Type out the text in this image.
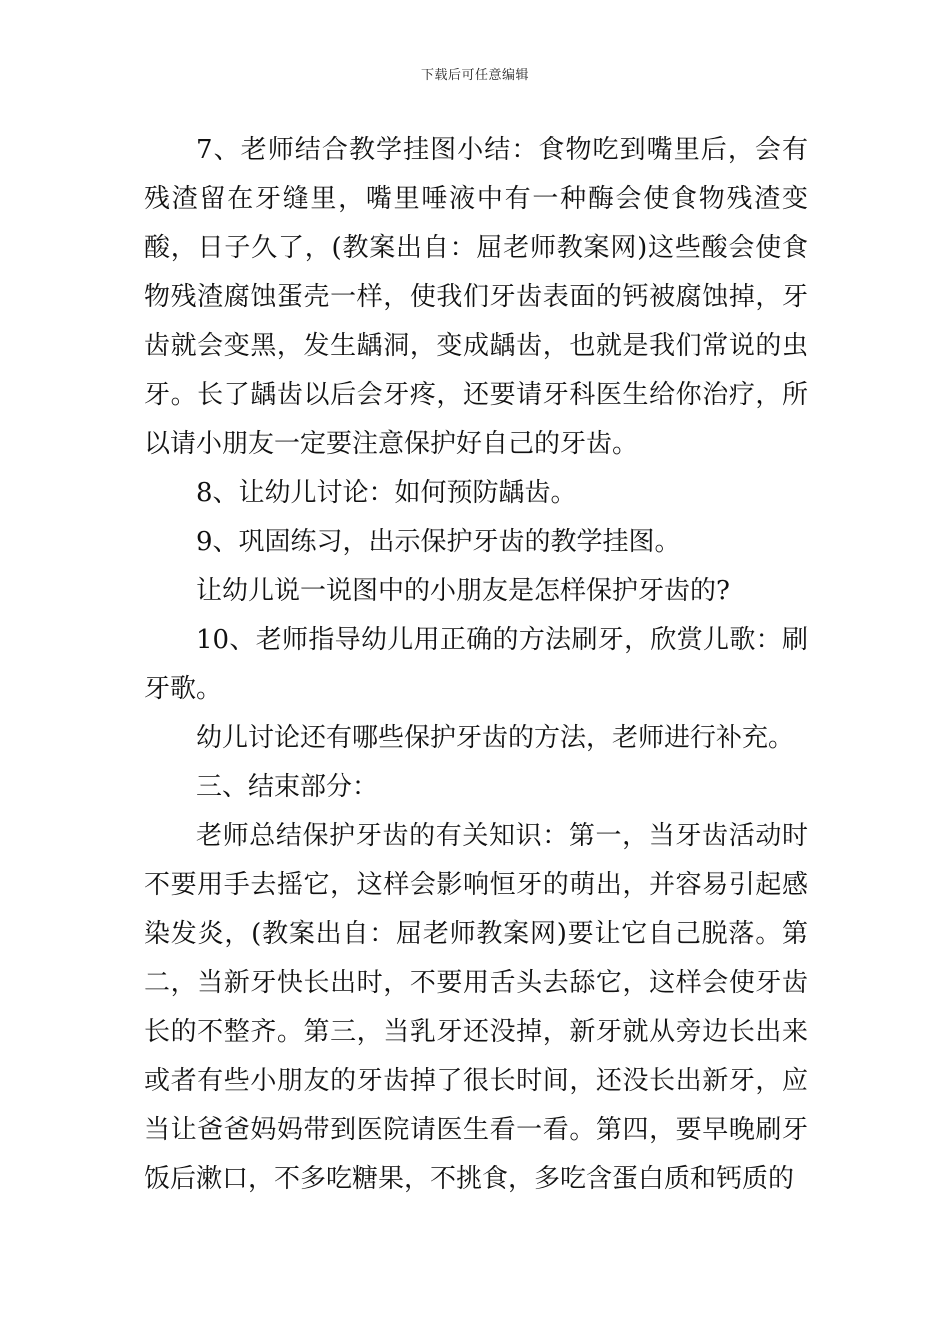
下载后可任意编辑

7、老师结合教学挂图小结：食物吃到嘴里后，会有残渣留在牙缝里，嘴里唾液中有一种酶会使食物残渣变酸，日子久了，(教案出自：屈老师教案网)这些酸会使食物残渣腐蚀蛋壳一样，使我们牙齿表面的钙被腐蚀掉，牙齿就会变黑，发生龋洞，变成龋齿，也就是我们常说的虫牙。长了龋齿以后会牙疼，还要请牙科医生给你治疗，所以请小朋友一定要注意保护好自己的牙齿。

8、让幼儿讨论：如何预防龋齿。

9、巩固练习，出示保护牙齿的教学挂图。

让幼儿说一说图中的小朋友是怎样保护牙齿的?

10、老师指导幼儿用正确的方法刷牙，欣赏儿歌：刷牙歌。

幼儿讨论还有哪些保护牙齿的方法，老师进行补充。

三、结束部分：

老师总结保护牙齿的有关知识：第一，当牙齿活动时不要用手去摇它，这样会影响恒牙的萌出，并容易引起感染发炎，(教案出自：屈老师教案网)要让它自己脱落。第二，当新牙快长出时，不要用舌头去舔它，这样会使牙齿长的不整齐。第三，当乳牙还没掉，新牙就从旁边长出来或者有些小朋友的牙齿掉了很长时间，还没长出新牙，应当让爸爸妈妈带到医院请医生看一看。第四，要早晚刷牙饭后漱口，不多吃糖果，不挑食，多吃含蛋白质和钙质的
